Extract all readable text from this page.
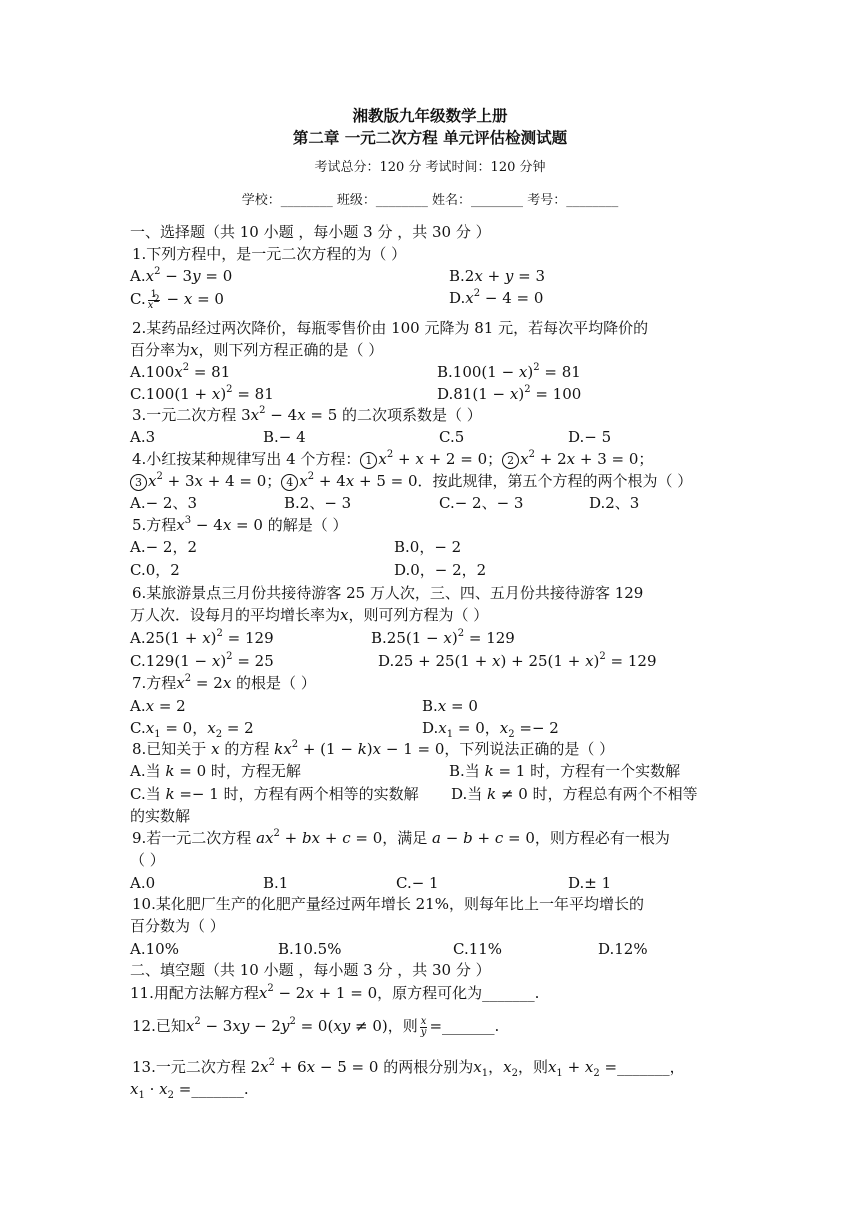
湘教版九年级数学上册
第二章 一元二次方程 单元评估检测试题
考试总分：120 分 考试时间：120 分钟
学校：________ 班级：________ 姓名：________ 考号：________
一、选择题（共 10 小题 ，每小题 3 分 ，共 30 分 ）
1.下列方程中，是一元二次方程的为（ ）
$A.x^2 - 3y = 0$	B.2x + y = 3
C. $\frac{1}{x^2} - x = 0$	$D.x^2 - 4 = 0$
2.某药品经过两次降价，每瓶零售价由 100 元降为 81 元，若每次平均降价的
百分率为x，则下列方程正确的是（ ）
$A.100x^2 = 81$	$B.100(1 - x)^2 = 81$
$C.100(1 + x)^2 = 81$	$D.81(1 - x)^2 = 100$
3.一元二次方程 $3x^2 - 4x = 5$ 的二次项系数是（ ）
A.3	B.− 4	C.5	D.− 5
4.小红按某种规律写出 4 个方程： 1 $x^2 + x + 2 = 0$； 2 $x^2 + 2x + 3 = 0$；
3 $x^2 + 3x + 4 = 0$； 4 $x^2 + 4x + 5 = 0$．按此规律，第五个方程的两个根为（ ）
A.− 2、3	B.2、− 3	C.− 2、− 3	D.2、3
5.方程$x^3 - 4x = 0$ 的解是（ ）
A.− 2，2	B.0，− 2
C.0，2	D.0，− 2，2
6.某旅游景点三月份共接待游客 25 万人次，三、四、五月份共接待游客 129
万人次．设每月的平均增长率为x，则可列方程为（ ）
$A.25(1 + x)^2 = 129$	$B.25(1 - x)^2 = 129$
$C.129(1 - x)^2 = 25$	$D.25 + 25(1 + x) + 25(1 + x)^2 = 129$
7.方程$x^2 = 2x$ 的根是（ ）
A.x = 2	B.x = 0
$C.x_1 = 0$，$x_2 = 2$	$D.x_1 = 0$，$x_2 =- 2$
8.已知关于 x 的方程 $kx^2 + (1 - k)x - 1 = 0$，下列说法正确的是（ ）
A.当 k = 0 时，方程无解	B.当 k = 1 时，方程有一个实数解
C.当 k =− 1 时，方程有两个相等的实数解 D.当 k ≠ 0 时，方程总有两个不相等
的实数解
9.若一元二次方程 $ax^2$ + bx + c = 0，满足 a − b + c = 0，则方程必有一根为
（ ）
A.0	B.1	C.− 1	D.± 1
10.某化肥厂生产的化肥产量经过两年增长 21%，则每年比上一年平均增长的
百分数为（ ）
A.10%	B.10.5%	C.11%	D.12%
二、填空题（共 10 小题 ，每小题 3 分 ，共 30 分 ）
11.用配方法解方程$x^2 - 2x + 1 = 0$，原方程可化为_______.
12.已知$x^2 - 3xy - 2y^2 = 0(xy \ne 0)$，则 $\frac{x}{y}$ =_______.
13.一元二次方程 $2x^2 + 6x - 5 = 0$ 的两根分别为$x_1$，$x_2$，则$x_1 + x_2$ =_______，
$x_1 \cdot x_2$ =_______.
